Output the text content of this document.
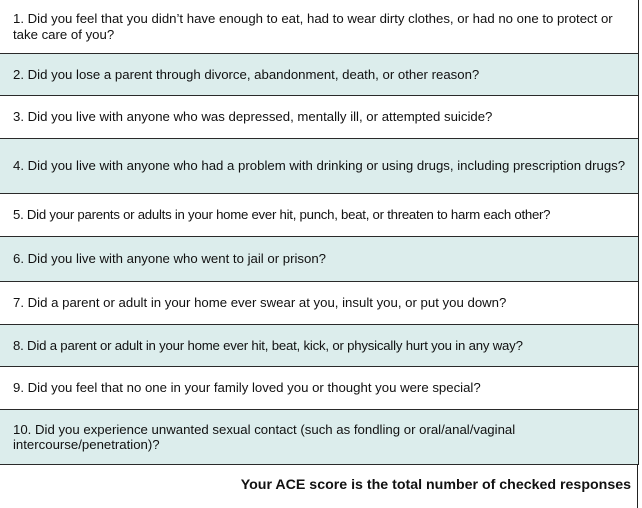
1. Did you feel that you didn’t have enough to eat, had to wear dirty clothes, or had no one to protect or take care of you?
2. Did you lose a parent through divorce, abandonment, death, or other reason?
3. Did you live with anyone who was depressed, mentally ill, or attempted suicide?
4. Did you live with anyone who had a problem with drinking or using drugs, including prescription drugs?
5. Did your parents or adults in your home ever hit, punch, beat, or threaten to harm each other?
6. Did you live with anyone who went to jail or prison?
7. Did a parent or adult in your home ever swear at you, insult you, or put you down?
8. Did a parent or adult in your home ever hit, beat, kick, or physically hurt you in any way?
9. Did you feel that no one in your family loved you or thought you were special?
10. Did you experience unwanted sexual contact (such as fondling or oral/anal/vaginal intercourse/penetration)?
Your ACE score is the total number of checked responses
